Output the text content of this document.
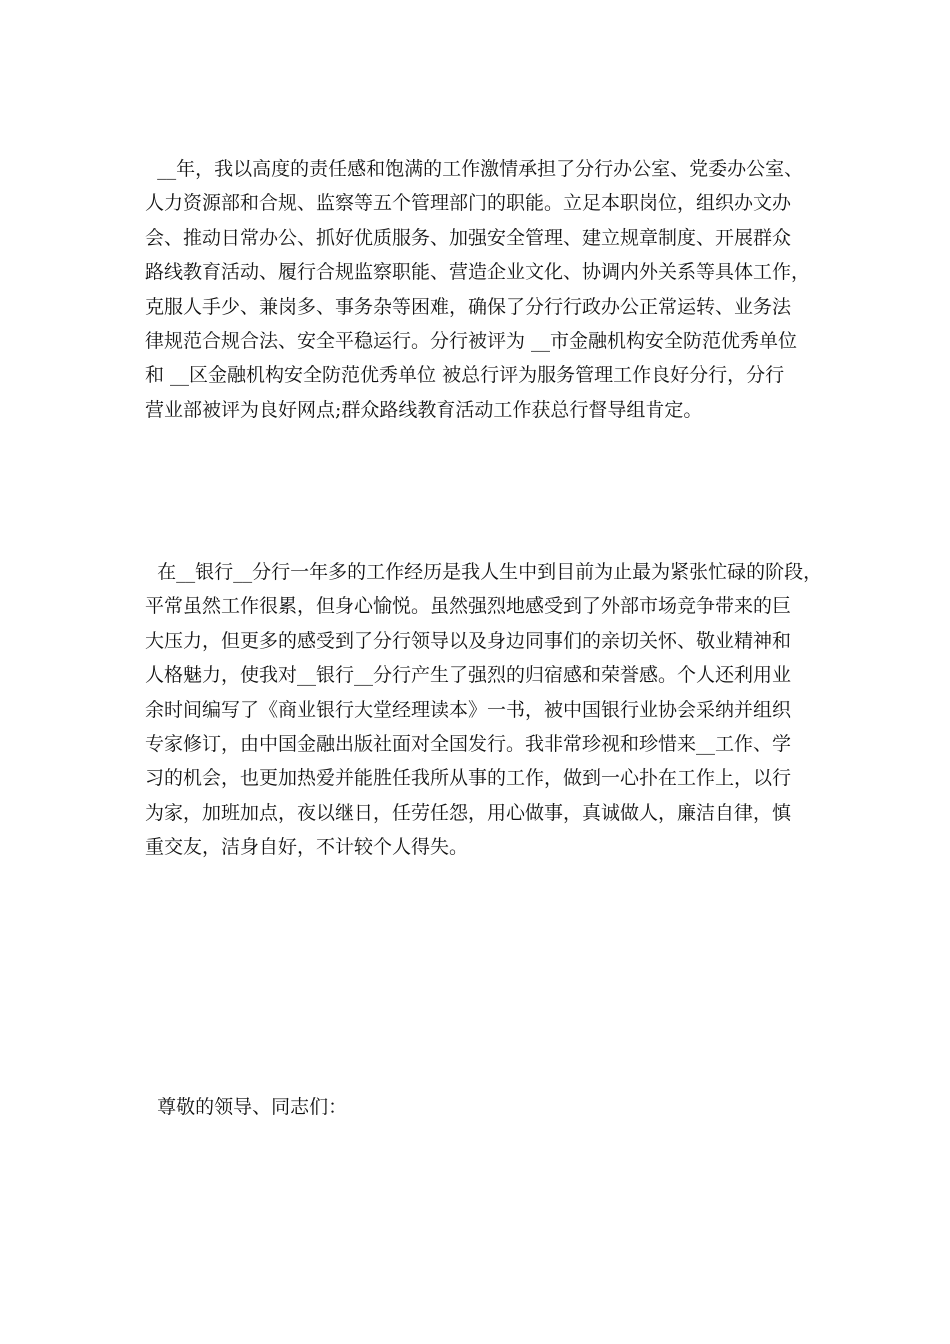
__年，我以高度的责任感和饱满的工作激情承担了分行办公室、党委办公室、
人力资源部和合规、监察等五个管理部门的职能。立足本职岗位，组织办文办
会、推动日常办公、抓好优质服务、加强安全管理、建立规章制度、开展群众
路线教育活动、履行合规监察职能、营造企业文化、协调内外关系等具体工作，
克服人手少、兼岗多、事务杂等困难，确保了分行行政办公正常运转、业务法
律规范合规合法、安全平稳运行。分行被评为 __市金融机构安全防范优秀单位
和 __区金融机构安全防范优秀单位 被总行评为服务管理工作良好分行，分行
营业部被评为良好网点;群众路线教育活动工作获总行督导组肯定。
在__银行__分行一年多的工作经历是我人生中到目前为止最为紧张忙碌的阶段，
平常虽然工作很累，但身心愉悦。虽然强烈地感受到了外部市场竞争带来的巨
大压力，但更多的感受到了分行领导以及身边同事们的亲切关怀、敬业精神和
人格魅力，使我对__银行__分行产生了强烈的归宿感和荣誉感。个人还利用业
余时间编写了《商业银行大堂经理读本》一书，被中国银行业协会采纳并组织
专家修订，由中国金融出版社面对全国发行。我非常珍视和珍惜来__工作、学
习的机会，也更加热爱并能胜任我所从事的工作，做到一心扑在工作上，以行
为家，加班加点，夜以继日，任劳任怨，用心做事，真诚做人，廉洁自律，慎
重交友，洁身自好，不计较个人得失。
尊敬的领导、同志们：
